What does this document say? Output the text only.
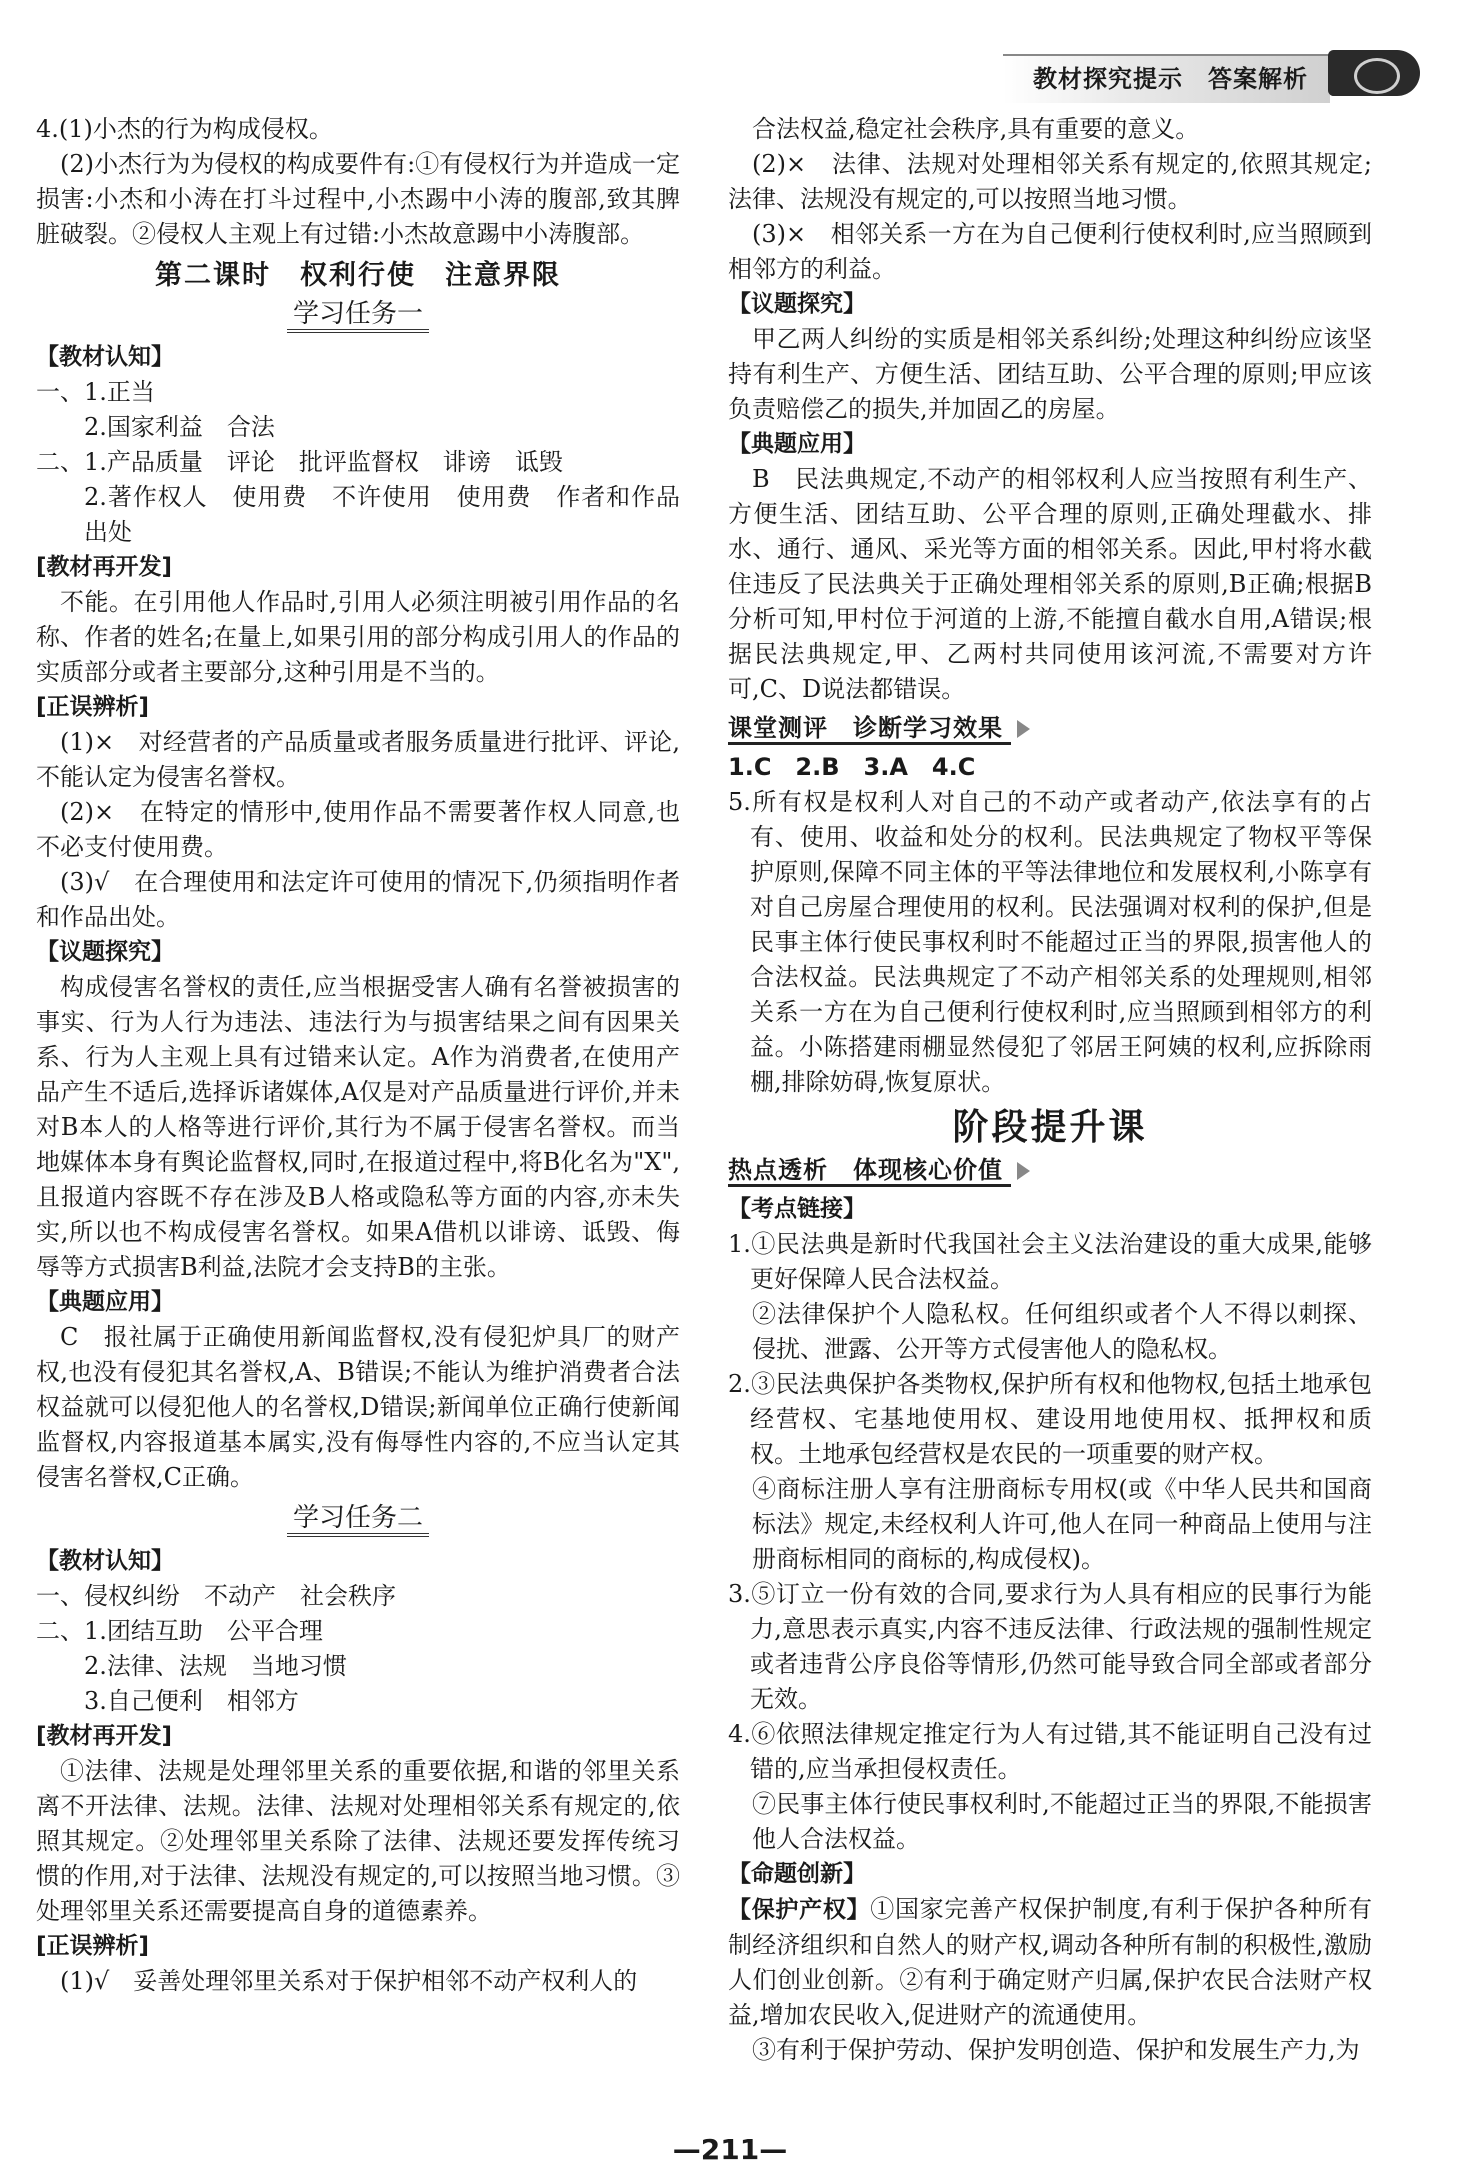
教材探究提示　答案解析

4.(1)小杰的行为构成侵权。

(2)小杰行为为侵权的构成要件有:①有侵权行为并造成一定损害:小杰和小涛在打斗过程中,小杰踢中小涛的腹部,致其脾脏破裂。②侵权人主观上有过错:小杰故意踢中小涛腹部。

第二课时　权利行使　注意界限
学习任务一

【教材认知】

一、1.正当

2.国家利益　合法

二、1.产品质量　评论　批评监督权　诽谤　诋毁

2.著作权人　使用费　不许使用　使用费　作者和作品出处

[教材再开发]

不能。在引用他人作品时,引用人必须注明被引用作品的名称、作者的姓名;在量上,如果引用的部分构成引用人的作品的实质部分或者主要部分,这种引用是不当的。

[正误辨析]

(1)×　对经营者的产品质量或者服务质量进行批评、评论,不能认定为侵害名誉权。

(2)×　在特定的情形中,使用作品不需要著作权人同意,也不必支付使用费。

(3)√　在合理使用和法定许可使用的情况下,仍须指明作者和作品出处。

【议题探究】

构成侵害名誉权的责任,应当根据受害人确有名誉被损害的事实、行为人行为违法、违法行为与损害结果之间有因果关系、行为人主观上具有过错来认定。A作为消费者,在使用产品产生不适后,选择诉诸媒体,A仅是对产品质量进行评价,并未对B本人的人格等进行评价,其行为不属于侵害名誉权。而当地媒体本身有舆论监督权,同时,在报道过程中,将B化名为"X",且报道内容既不存在涉及B人格或隐私等方面的内容,亦未失实,所以也不构成侵害名誉权。如果A借机以诽谤、诋毁、侮辱等方式损害B利益,法院才会支持B的主张。

【典题应用】

C　报社属于正确使用新闻监督权,没有侵犯炉具厂的财产权,也没有侵犯其名誉权,A、B错误;不能认为维护消费者合法权益就可以侵犯他人的名誉权,D错误;新闻单位正确行使新闻监督权,内容报道基本属实,没有侮辱性内容的,不应当认定其侵害名誉权,C正确。

学习任务二

【教材认知】

一、侵权纠纷　不动产　社会秩序

二、1.团结互助　公平合理

2.法律、法规　当地习惯

3.自己便利　相邻方

[教材再开发]

①法律、法规是处理邻里关系的重要依据,和谐的邻里关系离不开法律、法规。法律、法规对处理相邻关系有规定的,依照其规定。②处理邻里关系除了法律、法规还要发挥传统习惯的作用,对于法律、法规没有规定的,可以按照当地习惯。③处理邻里关系还需要提高自身的道德素养。

[正误辨析]

(1)√　妥善处理邻里关系对于保护相邻不动产权利人的

合法权益,稳定社会秩序,具有重要的意义。

(2)×　法律、法规对处理相邻关系有规定的,依照其规定;法律、法规没有规定的,可以按照当地习惯。

(3)×　相邻关系一方在为自己便利行使权利时,应当照顾到相邻方的利益。

【议题探究】

甲乙两人纠纷的实质是相邻关系纠纷;处理这种纠纷应该坚持有利生产、方便生活、团结互助、公平合理的原则;甲应该负责赔偿乙的损失,并加固乙的房屋。

【典题应用】

B　民法典规定,不动产的相邻权利人应当按照有利生产、方便生活、团结互助、公平合理的原则,正确处理截水、排水、通行、通风、采光等方面的相邻关系。因此,甲村将水截住违反了民法典关于正确处理相邻关系的原则,B正确;根据B分析可知,甲村位于河道的上游,不能擅自截水自用,A错误;根据民法典规定,甲、乙两村共同使用该河流,不需要对方许可,C、D说法都错误。

课堂测评　诊断学习效果

1.C　2.B　3.A　4.C

5.所有权是权利人对自己的不动产或者动产,依法享有的占有、使用、收益和处分的权利。民法典规定了物权平等保护原则,保障不同主体的平等法律地位和发展权利,小陈享有对自己房屋合理使用的权利。民法强调对权利的保护,但是民事主体行使民事权利时不能超过正当的界限,损害他人的合法权益。民法典规定了不动产相邻关系的处理规则,相邻关系一方在为自己便利行使权利时,应当照顾到相邻方的利益。小陈搭建雨棚显然侵犯了邻居王阿姨的权利,应拆除雨棚,排除妨碍,恢复原状。

阶段提升课
热点透析　体现核心价值

【考点链接】

1.①民法典是新时代我国社会主义法治建设的重大成果,能够更好保障人民合法权益。

②法律保护个人隐私权。任何组织或者个人不得以刺探、侵扰、泄露、公开等方式侵害他人的隐私权。

2.③民法典保护各类物权,保护所有权和他物权,包括土地承包经营权、宅基地使用权、建设用地使用权、抵押权和质权。土地承包经营权是农民的一项重要的财产权。

④商标注册人享有注册商标专用权(或《中华人民共和国商标法》规定,未经权利人许可,他人在同一种商品上使用与注册商标相同的商标的,构成侵权)。

3.⑤订立一份有效的合同,要求行为人具有相应的民事行为能力,意思表示真实,内容不违反法律、行政法规的强制性规定或者违背公序良俗等情形,仍然可能导致合同全部或者部分无效。

4.⑥依照法律规定推定行为人有过错,其不能证明自己没有过错的,应当承担侵权责任。

⑦民事主体行使民事权利时,不能超过正当的界限,不能损害他人合法权益。

【命题创新】

【保护产权】①国家完善产权保护制度,有利于保护各种所有制经济组织和自然人的财产权,调动各种所有制的积极性,激励人们创业创新。②有利于确定财产归属,保护农民合法财产权益,增加农民收入,促进财产的流通使用。

③有利于保护劳动、保护发明创造、保护和发展生产力,为

—211—
